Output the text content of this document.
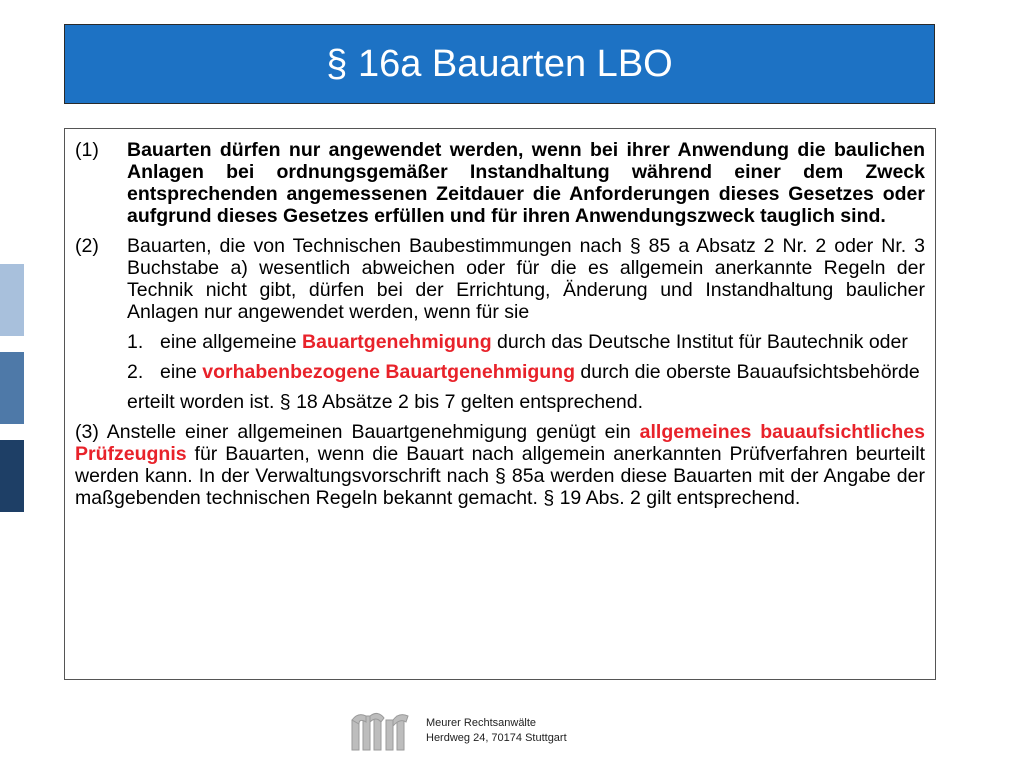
§ 16a Bauarten LBO
(1)	Bauarten dürfen nur angewendet werden, wenn bei ihrer Anwendung die baulichen Anlagen bei ordnungsgemäßer Instandhaltung während einer dem Zweck entsprechenden angemessenen Zeitdauer die Anforderungen dieses Gesetzes oder aufgrund dieses Gesetzes erfüllen und für ihren Anwendungszweck tauglich sind.
(2)	Bauarten, die von Technischen Baubestimmungen nach § 85 a Absatz 2 Nr. 2 oder Nr. 3 Buchstabe a) wesentlich abweichen oder für die es allgemein anerkannte Regeln der Technik nicht gibt, dürfen bei der Errichtung, Änderung und Instandhaltung baulicher Anlagen nur angewendet werden, wenn für sie
1. eine allgemeine Bauartgenehmigung durch das Deutsche Institut für Bautechnik oder
2. eine vorhabenbezogene Bauartgenehmigung durch die oberste Bauaufsichtsbehörde
erteilt worden ist. § 18 Absätze 2 bis 7 gelten entsprechend.
(3) Anstelle einer allgemeinen Bauartgenehmigung genügt ein allgemeines bauaufsichtliches Prüfzeugnis für Bauarten, wenn die Bauart nach allgemein anerkannten Prüfverfahren beurteilt werden kann. In der Verwaltungsvorschrift nach § 85a werden diese Bauarten mit der Angabe der maßgebenden technischen Regeln bekannt gemacht. § 19 Abs. 2 gilt entsprechend.
Meurer Rechtsanwälte
Herdweg 24, 70174 Stuttgart
